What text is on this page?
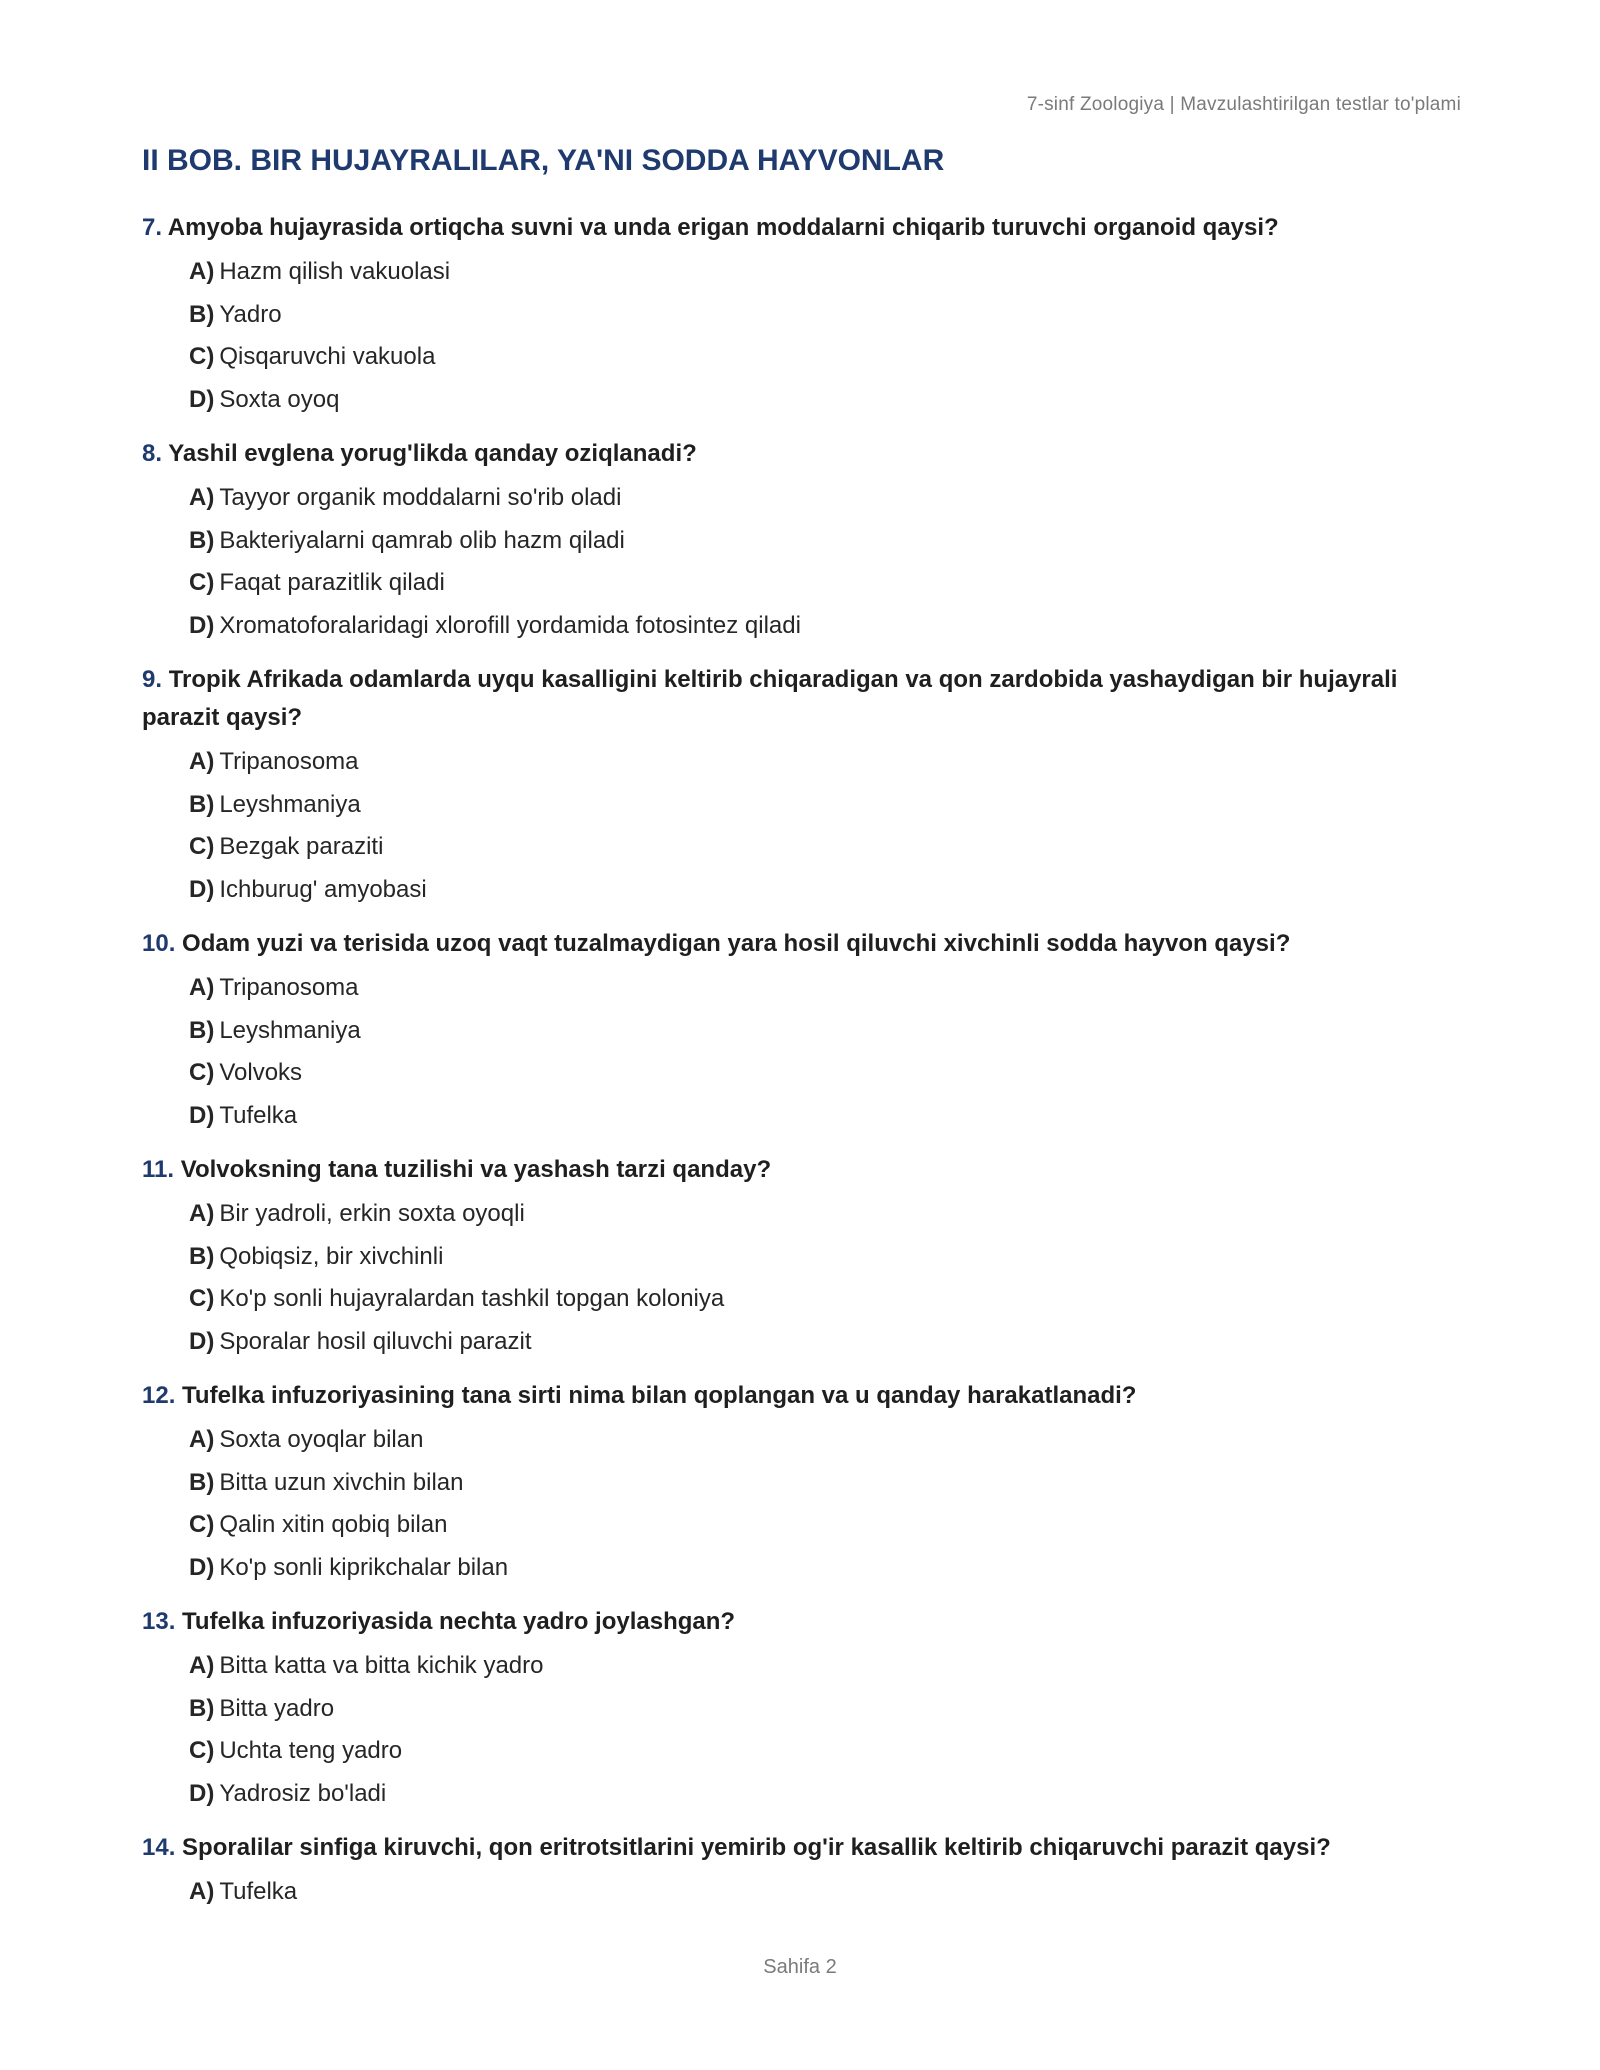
7-sinf Zoologiya | Mavzulashtirilgan testlar to'plami
II BOB. BIR HUJAYRALILAR, YA'NI SODDA HAYVONLAR
7. Amyoba hujayrasida ortiqcha suvni va unda erigan moddalarni chiqarib turuvchi organoid qaysi?
A) Hazm qilish vakuolasi
B) Yadro
C) Qisqaruvchi vakuola
D) Soxta oyoq
8. Yashil evglena yorug'likda qanday oziqlanadi?
A) Tayyor organik moddalarni so'rib oladi
B) Bakteriyalarni qamrab olib hazm qiladi
C) Faqat parazitlik qiladi
D) Xromatoforalaridagi xlorofill yordamida fotosintez qiladi
9. Tropik Afrikada odamlarda uyqu kasalligini keltirib chiqaradigan va qon zardobida yashaydigan bir hujayrali parazit qaysi?
A) Tripanosoma
B) Leyshmaniya
C) Bezgak paraziti
D) Ichburug' amyobasi
10. Odam yuzi va terisida uzoq vaqt tuzalmaydigan yara hosil qiluvchi xivchinli sodda hayvon qaysi?
A) Tripanosoma
B) Leyshmaniya
C) Volvoks
D) Tufelka
11. Volvoksning tana tuzilishi va yashash tarzi qanday?
A) Bir yadroli, erkin soxta oyoqli
B) Qobiqsiz, bir xivchinli
C) Ko'p sonli hujayralardan tashkil topgan koloniya
D) Sporalar hosil qiluvchi parazit
12. Tufelka infuzoriyasining tana sirti nima bilan qoplangan va u qanday harakatlanadi?
A) Soxta oyoqlar bilan
B) Bitta uzun xivchin bilan
C) Qalin xitin qobiq bilan
D) Ko'p sonli kiprikchalar bilan
13. Tufelka infuzoriyasida nechta yadro joylashgan?
A) Bitta katta va bitta kichik yadro
B) Bitta yadro
C) Uchta teng yadro
D) Yadrosiz bo'ladi
14. Sporalilar sinfiga kiruvchi, qon eritrotsitlarini yemirib og'ir kasallik keltirib chiqaruvchi parazit qaysi?
A) Tufelka
Sahifa 2
